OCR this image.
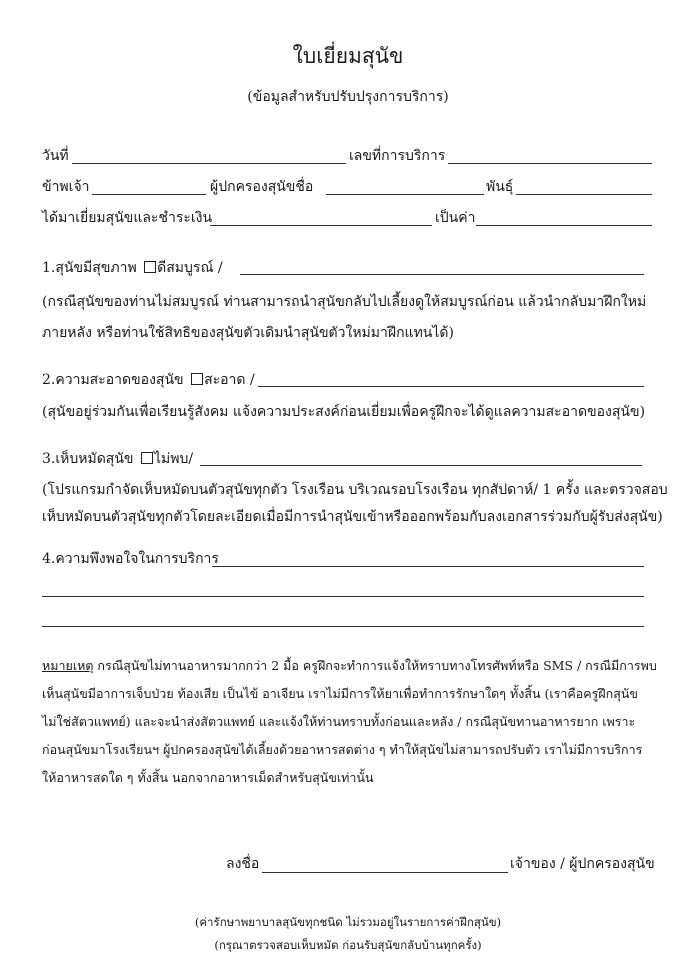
ใบเยี่ยมสุนัข
(ข้อมูลสำหรับปรับปรุงการบริการ)
วันที่	เลขที่การบริการ
ข้าพเจ้า	ผู้ปกครองสุนัขชื่อ	พันธุ์
ได้มาเยี่ยมสุนัขและชำระเงิน	เป็นค่า
1.สุนัขมีสุขภาพ ดีสมบูรณ์ /
(กรณีสุนัขของท่านไม่สมบูรณ์ ท่านสามารถนำสุนัขกลับไปเลี้ยงดูให้สมบูรณ์ก่อน แล้วนำกลับมาฝึกใหม่
ภายหลัง หรือท่านใช้สิทธิของสุนัขตัวเดิมนำสุนัขตัวใหม่มาฝึกแทนได้)
2.ความสะอาดของสุนัข สะอาด /
(สุนัขอยู่ร่วมกันเพื่อเรียนรู้สังคม แจ้งความประสงค์ก่อนเยี่ยมเพื่อครูฝึกจะได้ดูแลความสะอาดของสุนัข)
3.เห็บหมัดสุนัข ไม่พบ/
(โปรแกรมกำจัดเห็บหมัดบนตัวสุนัขทุกตัว โรงเรือน บริเวณรอบโรงเรือน ทุกสัปดาห์/ 1 ครั้ง และตรวจสอบ
เห็บหมัดบนตัวสุนัขทุกตัวโดยละเอียดเมื่อมีการนำสุนัขเข้าหรือออกพร้อมกับลงเอกสารร่วมกับผู้รับส่งสุนัข)
4.ความพึงพอใจในการบริการ
หมายเหตุ กรณีสุนัขไม่ทานอาหารมากกว่า 2 มื้อ ครูฝึกจะทำการแจ้งให้ทราบทางโทรศัพท์หรือ SMS / กรณีมีการพบ
เห็นสุนัขมีอาการเจ็บป่วย ท้องเสีย เป็นไข้ อาเจียน เราไม่มีการให้ยาเพื่อทำการรักษาใดๆ ทั้งสิ้น (เราคือครูฝึกสุนัข
ไม่ใช่สัตวแพทย์) และจะนำส่งสัตวแพทย์ และแจ้งให้ท่านทราบทั้งก่อนและหลัง / กรณีสุนัขทานอาหารยาก เพราะ
ก่อนสุนัขมาโรงเรียนฯ ผู้ปกครองสุนัขได้เลี้ยงด้วยอาหารสดต่าง ๆ ทำให้สุนัขไม่สามารถปรับตัว เราไม่มีการบริการ
ให้อาหารสดใด ๆ ทั้งสิ้น นอกจากอาหารเม็ดสำหรับสุนัขเท่านั้น
ลงชื่อ	เจ้าของ / ผู้ปกครองสุนัข
(ค่ารักษาพยาบาลสุนัขทุกชนิด ไม่รวมอยู่ในรายการค่าฝึกสุนัข)
(กรุณาตรวจสอบเห็บหมัด ก่อนรับสุนัขกลับบ้านทุกครั้ง)
